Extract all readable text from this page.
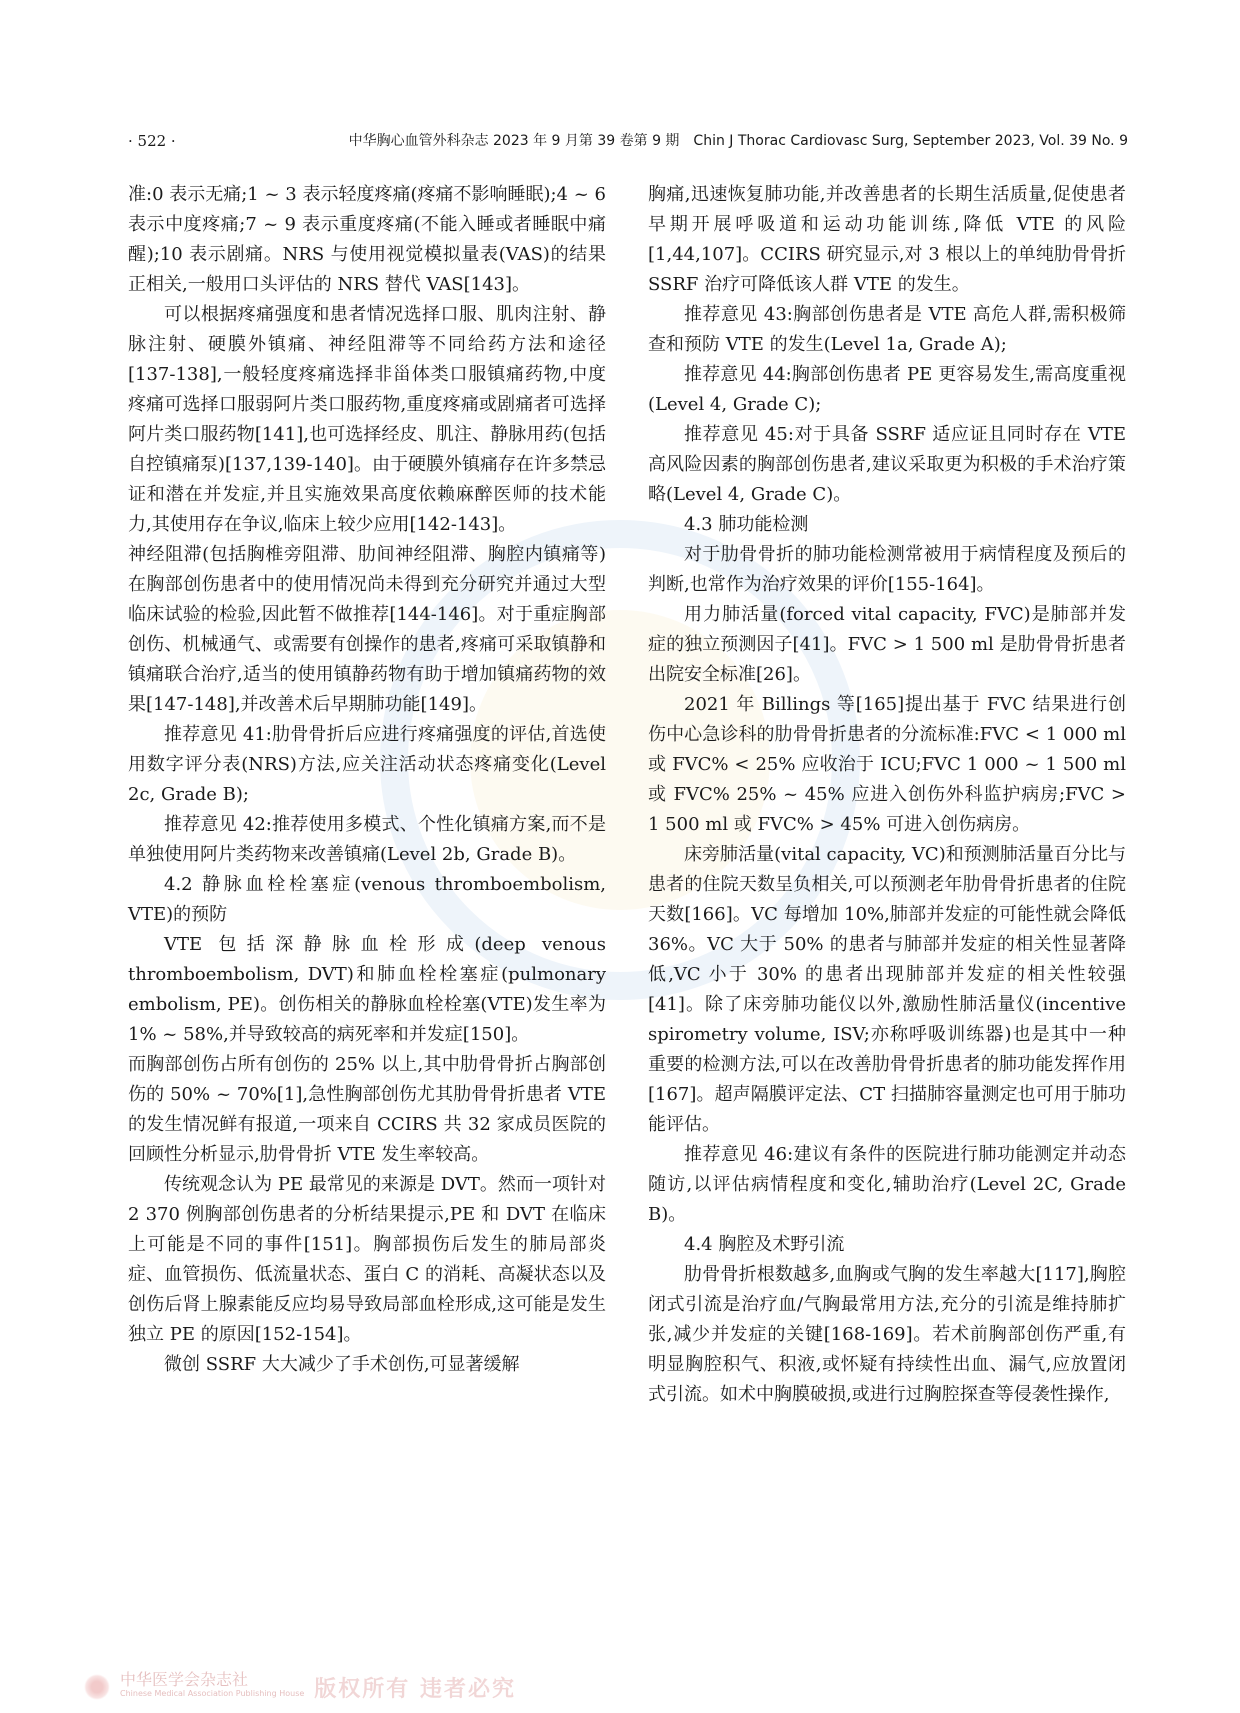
· 522 ·	中华胸心血管外科杂志 2023 年 9 月第 39 卷第 9 期　Chin J Thorac Cardiovasc Surg, September 2023, Vol. 39 No. 9

准:0 表示无痛;1 ~ 3 表示轻度疼痛(疼痛不影响睡眠);4 ~ 6 表示中度疼痛;7 ~ 9 表示重度疼痛(不能入睡或者睡眠中痛醒);10 表示剧痛。NRS 与使用视觉模拟量表(VAS)的结果正相关,一般用口头评估的 NRS 替代 VAS[143]。

可以根据疼痛强度和患者情况选择口服、肌肉注射、静脉注射、硬膜外镇痛、神经阻滞等不同给药方法和途径[137-138],一般轻度疼痛选择非甾体类口服镇痛药物,中度疼痛可选择口服弱阿片类口服药物,重度疼痛或剧痛者可选择阿片类口服药物[141],也可选择经皮、肌注、静脉用药(包括自控镇痛泵)[137,139-140]。由于硬膜外镇痛存在许多禁忌证和潜在并发症,并且实施效果高度依赖麻醉医师的技术能力,其使用存在争议,临床上较少应用[142-143]。

神经阻滞(包括胸椎旁阻滞、肋间神经阻滞、胸腔内镇痛等)在胸部创伤患者中的使用情况尚未得到充分研究并通过大型临床试验的检验,因此暂不做推荐[144-146]。对于重症胸部创伤、机械通气、或需要有创操作的患者,疼痛可采取镇静和镇痛联合治疗,适当的使用镇静药物有助于增加镇痛药物的效果[147-148],并改善术后早期肺功能[149]。

推荐意见 41:肋骨骨折后应进行疼痛强度的评估,首选使用数字评分表(NRS)方法,应关注活动状态疼痛变化(Level 2c, Grade B);

推荐意见 42:推荐使用多模式、个性化镇痛方案,而不是单独使用阿片类药物来改善镇痛(Level 2b, Grade B)。

4.2 静脉血栓栓塞症(venous thromboembolism, VTE)的预防

VTE 包括深静脉血栓形成(deep venous thromboembolism, DVT)和肺血栓栓塞症(pulmonary embolism, PE)。创伤相关的静脉血栓栓塞(VTE)发生率为 1% ~ 58%,并导致较高的病死率和并发症[150]。

而胸部创伤占所有创伤的 25% 以上,其中肋骨骨折占胸部创伤的 50% ~ 70%[1],急性胸部创伤尤其肋骨骨折患者 VTE 的发生情况鲜有报道,一项来自 CCIRS 共 32 家成员医院的回顾性分析显示,肋骨骨折 VTE 发生率较高。

传统观念认为 PE 最常见的来源是 DVT。然而一项针对 2 370 例胸部创伤患者的分析结果提示,PE 和 DVT 在临床上可能是不同的事件[151]。胸部损伤后发生的肺局部炎症、血管损伤、低流量状态、蛋白 C 的消耗、高凝状态以及创伤后肾上腺素能反应均易导致局部血栓形成,这可能是发生独立 PE 的原因[152-154]。

微创 SSRF 大大减少了手术创伤,可显著缓解

胸痛,迅速恢复肺功能,并改善患者的长期生活质量,促使患者早期开展呼吸道和运动功能训练,降低 VTE 的风险[1,44,107]。CCIRS 研究显示,对 3 根以上的单纯肋骨骨折 SSRF 治疗可降低该人群 VTE 的发生。

推荐意见 43:胸部创伤患者是 VTE 高危人群,需积极筛查和预防 VTE 的发生(Level 1a, Grade A);

推荐意见 44:胸部创伤患者 PE 更容易发生,需高度重视(Level 4, Grade C);

推荐意见 45:对于具备 SSRF 适应证且同时存在 VTE 高风险因素的胸部创伤患者,建议采取更为积极的手术治疗策略(Level 4, Grade C)。

4.3 肺功能检测

对于肋骨骨折的肺功能检测常被用于病情程度及预后的判断,也常作为治疗效果的评价[155-164]。

用力肺活量(forced vital capacity, FVC)是肺部并发症的独立预测因子[41]。FVC > 1 500 ml 是肋骨骨折患者出院安全标准[26]。

2021 年 Billings 等[165]提出基于 FVC 结果进行创伤中心急诊科的肋骨骨折患者的分流标准:FVC < 1 000 ml 或 FVC% < 25% 应收治于 ICU;FVC 1 000 ~ 1 500 ml 或 FVC% 25% ~ 45% 应进入创伤外科监护病房;FVC > 1 500 ml 或 FVC% > 45% 可进入创伤病房。

床旁肺活量(vital capacity, VC)和预测肺活量百分比与患者的住院天数呈负相关,可以预测老年肋骨骨折患者的住院天数[166]。VC 每增加 10%,肺部并发症的可能性就会降低 36%。VC 大于 50% 的患者与肺部并发症的相关性显著降低,VC 小于 30% 的患者出现肺部并发症的相关性较强[41]。除了床旁肺功能仪以外,激励性肺活量仪(incentive spirometry volume, ISV;亦称呼吸训练器)也是其中一种重要的检测方法,可以在改善肋骨骨折患者的肺功能发挥作用[167]。超声隔膜评定法、CT 扫描肺容量测定也可用于肺功能评估。

推荐意见 46:建议有条件的医院进行肺功能测定并动态随访,以评估病情程度和变化,辅助治疗(Level 2C, Grade B)。

4.4 胸腔及术野引流

肋骨骨折根数越多,血胸或气胸的发生率越大[117],胸腔闭式引流是治疗血/气胸最常用方法,充分的引流是维持肺扩张,减少并发症的关键[168-169]。若术前胸部创伤严重,有明显胸腔积气、积液,或怀疑有持续性出血、漏气,应放置闭式引流。如术中胸膜破损,或进行过胸腔探查等侵袭性操作,

中华医学会杂志社
Chinese Medical Association Publishing House 版权所有 违者必究
